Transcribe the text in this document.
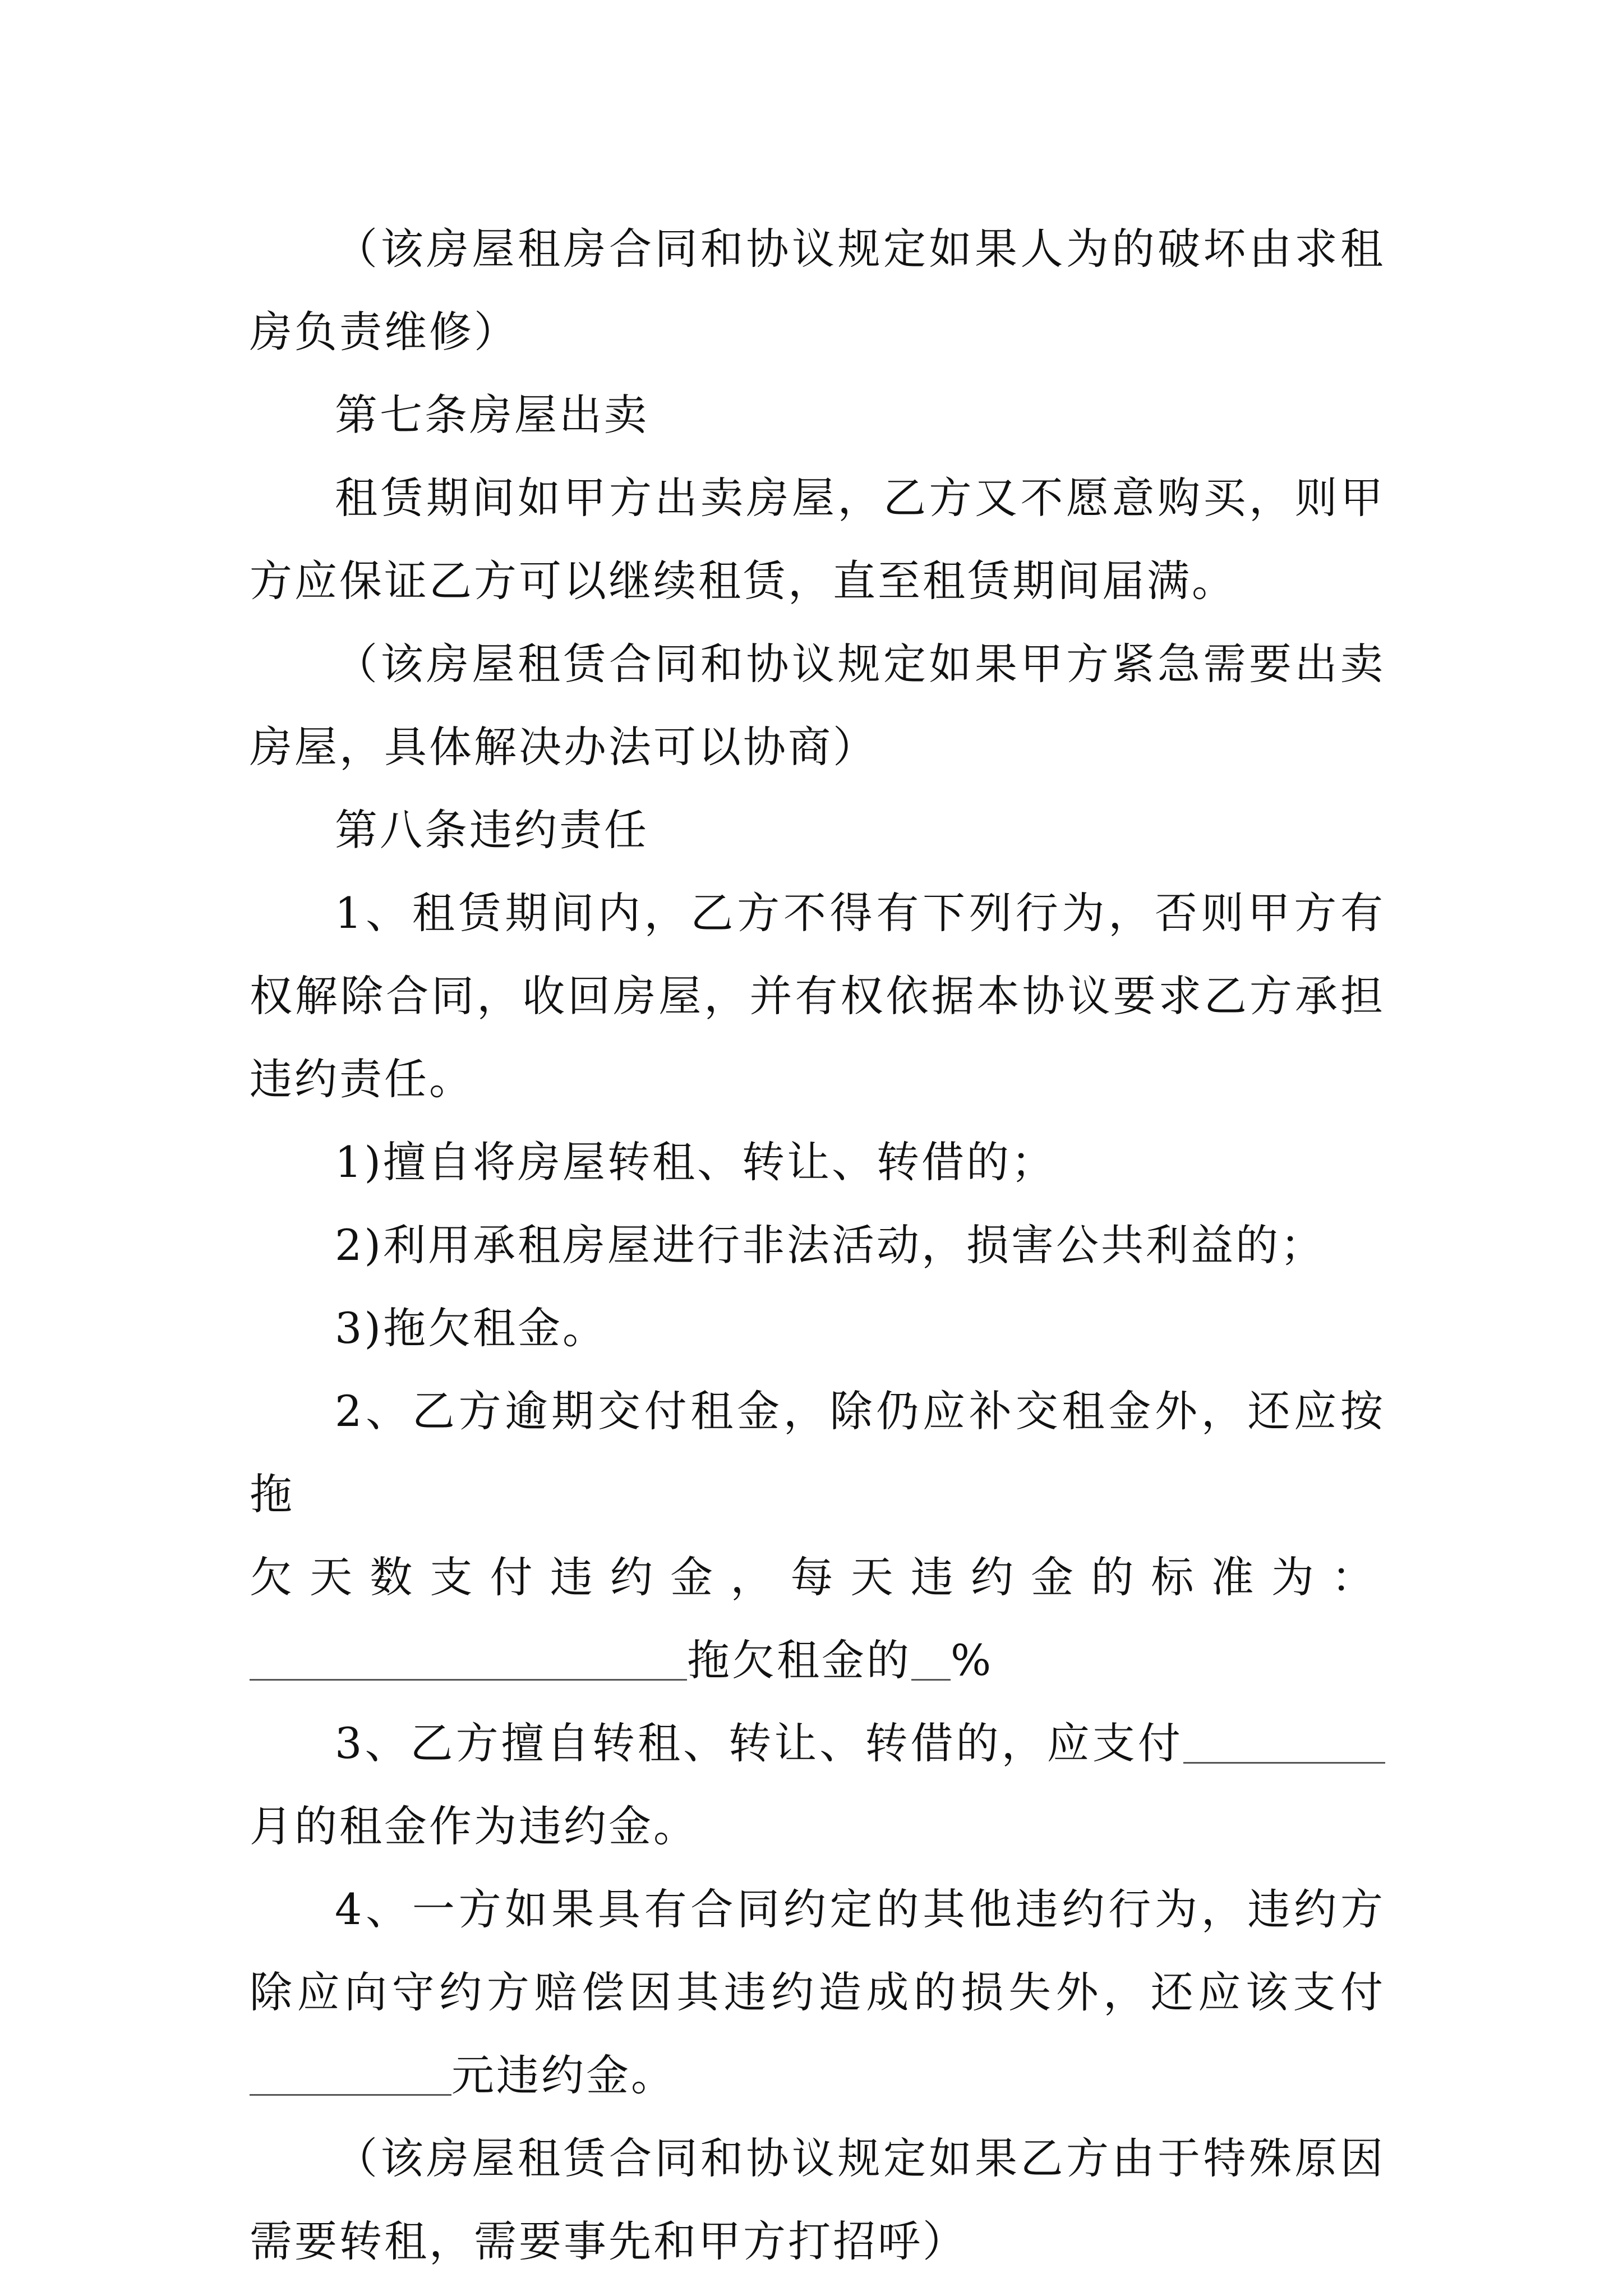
（该房屋租房合同和协议规定如果人为的破坏由求租房负责维修）

第七条房屋出卖

租赁期间如甲方出卖房屋，乙方又不愿意购买，则甲方应保证乙方可以继续租赁，直至租赁期间届满。

（该房屋租赁合同和协议规定如果甲方紧急需要出卖房屋，具体解决办法可以协商）

第八条违约责任

1、租赁期间内，乙方不得有下列行为，否则甲方有权解除合同，收回房屋，并有权依据本协议要求乙方承担违约责任。

1)擅自将房屋转租、转让、转借的；

2)利用承租房屋进行非法活动，损害公共利益的；

3)拖欠租金。

2、乙方逾期交付租金，除仍应补交租金外，还应按拖

欠天数支付违约金，每天违约金的标准为：

拖欠租金的 %

3、乙方擅自转租、转让、转借的，应支付月的租金作为违约金。

4、一方如果具有合同约定的其他违约行为，违约方除应向守约方赔偿因其违约造成的损失外，还应该支付元违约金。

（该房屋租赁合同和协议规定如果乙方由于特殊原因需要转租，需要事先和甲方打招呼）
